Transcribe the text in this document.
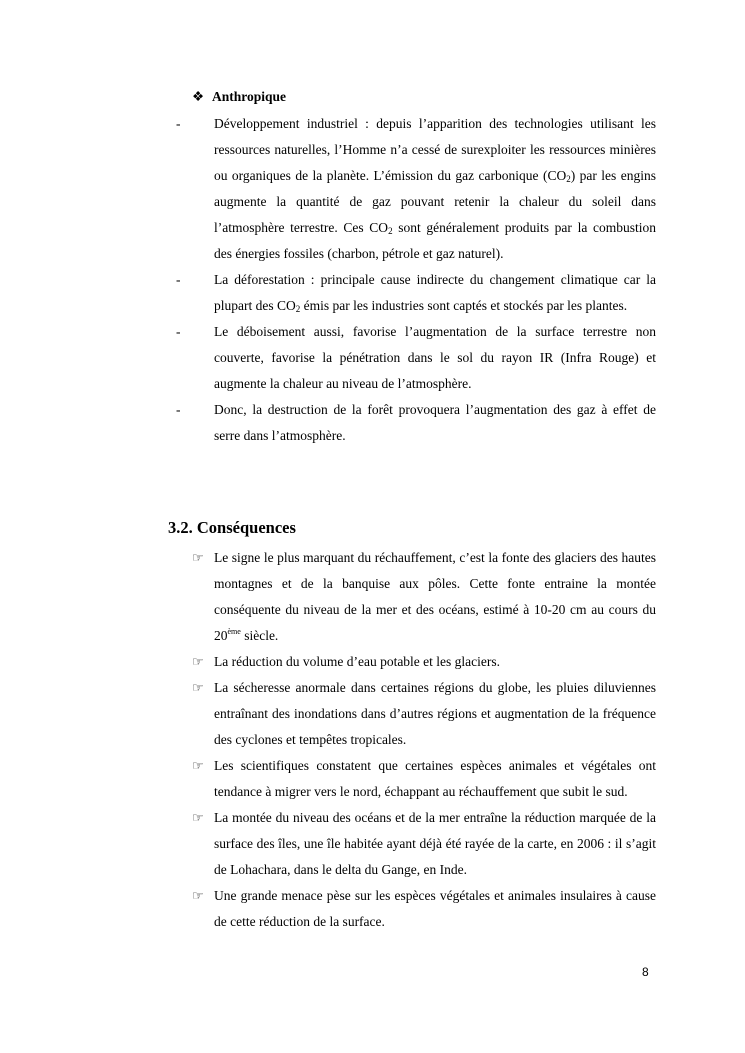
❖ Anthropique
-	Développement industriel : depuis l’apparition des technologies utilisant les ressources naturelles, l’Homme n’a cessé de surexploiter les ressources minières ou organiques de la planète. L’émission du gaz carbonique $(CO_2)$ par les engins augmente la quantité de gaz pouvant retenir la chaleur du soleil dans l’atmosphère terrestre. Ces $CO_2$ sont généralement produits par la combustion des énergies fossiles (charbon, pétrole et gaz naturel).
-	La déforestation : principale cause indirecte du changement climatique car la plupart des $CO_2$ émis par les industries sont captés et stockés par les plantes.
-	Le déboisement aussi, favorise l’augmentation de la surface terrestre non couverte, favorise la pénétration dans le sol du rayon IR (Infra Rouge) et augmente la chaleur au niveau de l’atmosphère.
-	Donc, la destruction de la forêt provoquera l’augmentation des gaz à effet de serre dans l’atmosphère.
3.2. Conséquences
☞ Le signe le plus marquant du réchauffement, c’est la fonte des glaciers des hautes montagnes et de la banquise aux pôles. Cette fonte entraine la montée conséquente du niveau de la mer et des océans, estimé à 10-20 cm au cours du 20ème siècle.
☞ La réduction du volume d’eau potable et les glaciers.
☞ La sécheresse anormale dans certaines régions du globe, les pluies diluviennes entraînant des inondations dans d’autres régions et augmentation de la fréquence des cyclones et tempêtes tropicales.
☞ Les scientifiques constatent que certaines espèces animales et végétales ont tendance à migrer vers le nord, échappant au réchauffement que subit le sud.
☞ La montée du niveau des océans et de la mer entraîne la réduction marquée de la surface des îles, une île habitée ayant déjà été rayée de la carte, en 2006 : il s’agit de Lohachara, dans le delta du Gange, en Inde.
☞ Une grande menace pèse sur les espèces végétales et animales insulaires à cause de cette réduction de la surface.
8
